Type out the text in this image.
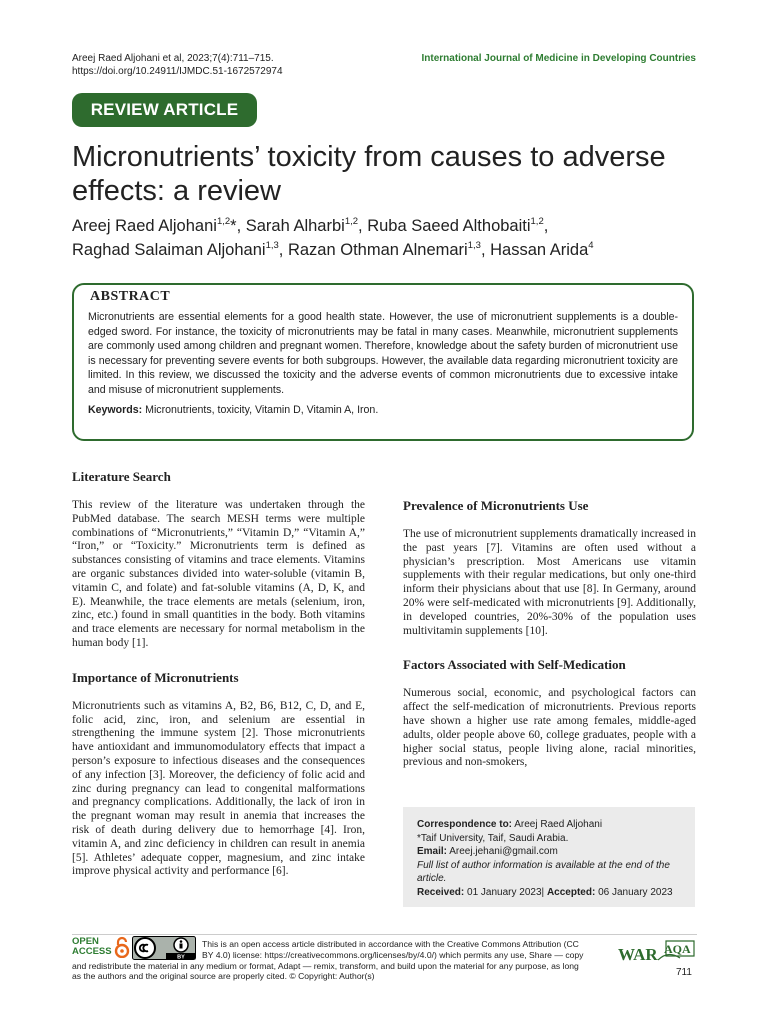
Areej Raed Aljohani et al, 2023;7(4):711–715.
https://doi.org/10.24911/IJMDC.51-1672572974
International Journal of Medicine in Developing Countries
REVIEW ARTICLE
Micronutrients’ toxicity from causes to adverse effects: a review
Areej Raed Aljohani$^{1,2}$*, Sarah Alharbi$^{1,2}$, Ruba Saeed Althobaiti$^{1,2}$,
Raghad Salaiman Aljohani$^{1,3}$, Razan Othman Alnemari$^{1,3}$, Hassan Arida$^4$
ABSTRACT
Micronutrients are essential elements for a good health state. However, the use of micronutrient supplements is a double-edged sword. For instance, the toxicity of micronutrients may be fatal in many cases. Meanwhile, micronutrient supplements are commonly used among children and pregnant women. Therefore, knowledge about the safety burden of micronutrient use is necessary for preventing severe events for both subgroups. However, the available data regarding micronutrient toxicity are limited. In this review, we discussed the toxicity and the adverse events of common micronutrients due to excessive intake and misuse of micronutrient supplements.
Keywords: Micronutrients, toxicity, Vitamin D, Vitamin A, Iron.
Literature Search
This review of the literature was undertaken through the PubMed database. The search MESH terms were multiple combinations of “Micronutrients,” “Vitamin D,” “Vitamin A,” “Iron,” or “Toxicity.” Micronutrients term is defined as substances consisting of vitamins and trace elements. Vitamins are organic substances divided into water-soluble (vitamin B, vitamin C, and folate) and fat-soluble vitamins (A, D, K, and E). Meanwhile, the trace elements are metals (selenium, iron, zinc, etc.) found in small quantities in the body. Both vitamins and trace elements are necessary for normal metabolism in the human body [1].
Importance of Micronutrients
Micronutrients such as vitamins A, B2, B6, B12, C, D, and E, folic acid, zinc, iron, and selenium are essential in strengthening the immune system [2]. Those micronutrients have antioxidant and immunomodulatory effects that impact a person’s exposure to infectious diseases and the consequences of any infection [3]. Moreover, the deficiency of folic acid and zinc during pregnancy can lead to congenital malformations and pregnancy complications. Additionally, the lack of iron in the pregnant woman may result in anemia that increases the risk of death during delivery due to hemorrhage [4]. Iron, vitamin A, and zinc deficiency in children can result in anemia [5]. Athletes’ adequate copper, magnesium, and zinc intake improve physical activity and performance [6].
Prevalence of Micronutrients Use
The use of micronutrient supplements dramatically increased in the past years [7]. Vitamins are often used without a physician’s prescription. Most Americans use vitamin supplements with their regular medications, but only one-third inform their physicians about that use [8]. In Germany, around 20% were self-medicated with micronutrients [9]. Additionally, in developed countries, 20%-30% of the population uses multivitamin supplements [10].
Factors Associated with Self-Medication
Numerous social, economic, and psychological factors can affect the self-medication of micronutrients. Previous reports have shown a higher use rate among females, middle-aged adults, older people above 60, college graduates, people with a higher social status, people living alone, racial minorities, previous and non-smokers,
Correspondence to: Areej Raed Aljohani
*Taif University, Taif, Saudi Arabia.
Email: Areej.jehani@gmail.com
Full list of author information is available at the end of the article.
Received: 01 January 2023| Accepted: 06 January 2023
OPEN
ACCESS
BY
This is an open access article distributed in accordance with the Creative Commons Attribution (CC
BY 4.0) license: https://creativecommons.org/licenses/by/4.0/) which permits any use, Share — copy
and redistribute the material in any medium or format, Adapt — remix, transform, and build upon the material for any purpose, as long
as the authors and the original source are properly cited. © Copyright: Author(s)
WAR AQA
711
